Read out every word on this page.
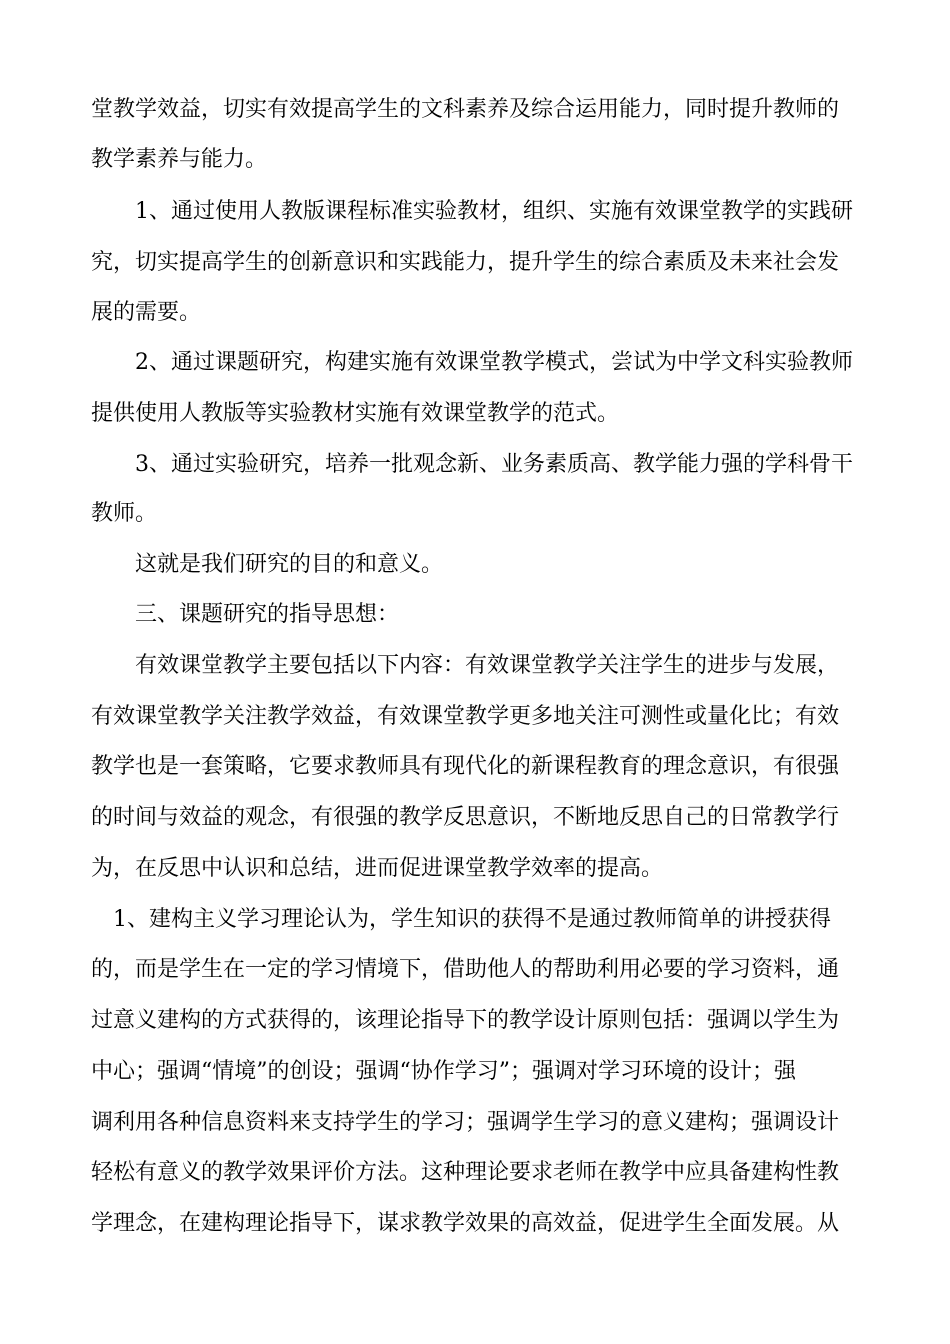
堂教学效益，切实有效提高学生的文科素养及综合运用能力，同时提升教师的

教学素养与能力。

1、通过使用人教版课程标准实验教材，组织、实施有效课堂教学的实践研

究，切实提高学生的创新意识和实践能力，提升学生的综合素质及未来社会发

展的需要。

2、通过课题研究，构建实施有效课堂教学模式，尝试为中学文科实验教师

提供使用人教版等实验教材实施有效课堂教学的范式。

3、通过实验研究，培养一批观念新、业务素质高、教学能力强的学科骨干

教师。

这就是我们研究的目的和意义。

三、课题研究的指导思想：

有效课堂教学主要包括以下内容：有效课堂教学关注学生的进步与发展，

有效课堂教学关注教学效益，有效课堂教学更多地关注可测性或量化比；有效

教学也是一套策略，它要求教师具有现代化的新课程教育的理念意识，有很强

的时间与效益的观念，有很强的教学反思意识，不断地反思自己的日常教学行

为，在反思中认识和总结，进而促进课堂教学效率的提高。

1、建构主义学习理论认为，学生知识的获得不是通过教师简单的讲授获得

的，而是学生在一定的学习情境下，借助他人的帮助利用必要的学习资料，通

过意义建构的方式获得的，该理论指导下的教学设计原则包括：强调以学生为

中心；强调“情境”的创设；强调“协作学习”；强调对学习环境的设计；强

调利用各种信息资料来支持学生的学习；强调学生学习的意义建构；强调设计

轻松有意义的教学效果评价方法。这种理论要求老师在教学中应具备建构性教

学理念，在建构理论指导下，谋求教学效果的高效益，促进学生全面发展。从
